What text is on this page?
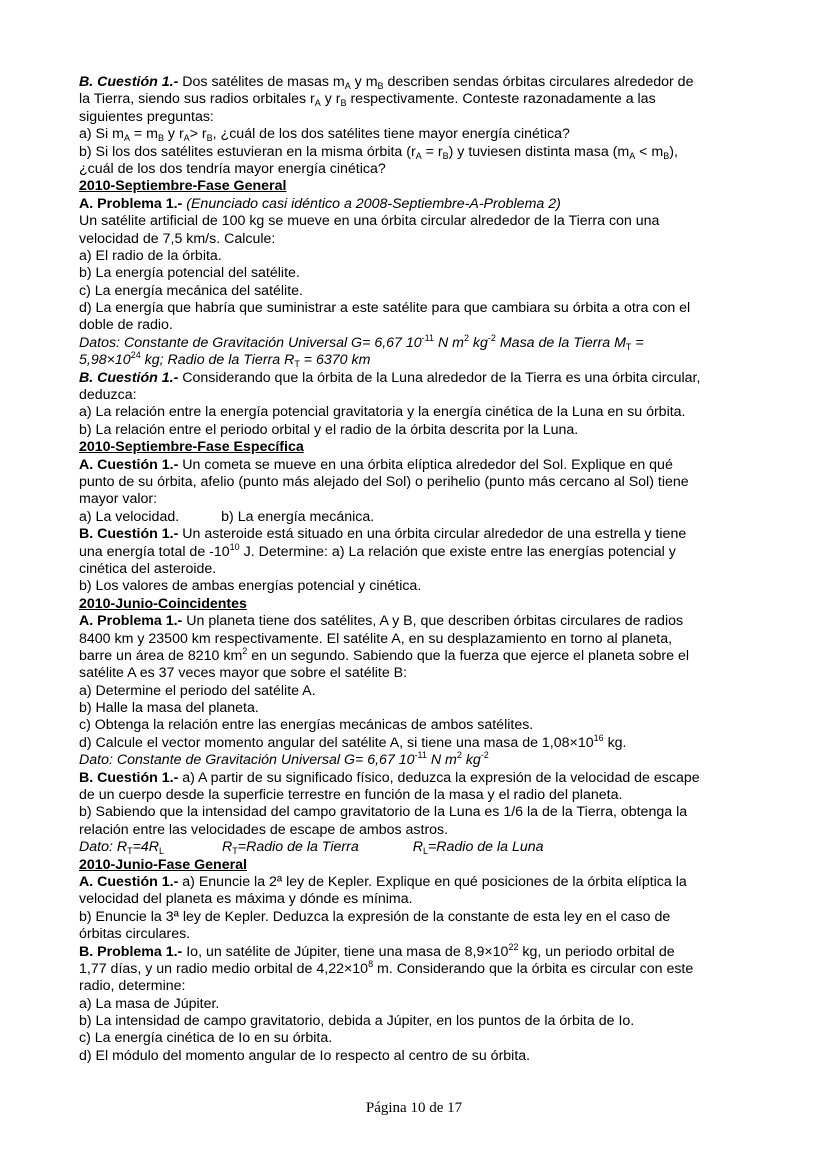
B. Cuestión 1.- Dos satélites de masas $m_A$ y $m_B$ describen sendas órbitas circulares alrededor de
la Tierra, siendo sus radios orbitales $r_A$ y $r_B$ respectivamente. Conteste razonadamente a las
siguientes preguntas:
a) Si $m_A = m_B$ y $r_A> r_B$, ¿cuál de los dos satélites tiene mayor energía cinética?
b) Si los dos satélites estuvieran en la misma órbita $(r_A = r_B)$ y tuviesen distinta masa $(m_A < m_B)$,
¿cuál de los dos tendría mayor energía cinética?
2010-Septiembre-Fase General
A. Problema 1.- (Enunciado casi idéntico a 2008-Septiembre-A-Problema 2)
Un satélite artificial de 100 kg se mueve en una órbita circular alrededor de la Tierra con una
velocidad de 7,5 km/s. Calcule:
a) El radio de la órbita.
b) La energía potencial del satélite.
c) La energía mecánica del satélite.
d) La energía que habría que suministrar a este satélite para que cambiara su órbita a otra con el
doble de radio.
Datos: Constante de Gravitación Universal G= 6,67 $10^{-11}$ N $m^2$ $kg^{-2}$ Masa de la Tierra $M_T$ =
$5,98\times 10^{24}$ kg; Radio de la Tierra $R_T = 6370$ km
B. Cuestión 1.- Considerando que la órbita de la Luna alrededor de la Tierra es una órbita circular,
deduzca:
a) La relación entre la energía potencial gravitatoria y la energía cinética de la Luna en su órbita.
b) La relación entre el periodo orbital y el radio de la órbita descrita por la Luna.
2010-Septiembre-Fase Específica
A. Cuestión 1.- Un cometa se mueve en una órbita elíptica alrededor del Sol. Explique en qué
punto de su órbita, afelio (punto más alejado del Sol) o perihelio (punto más cercano al Sol) tiene
mayor valor:
a) La velocidad.	b) La energía mecánica.
B. Cuestión 1.- Un asteroide está situado en una órbita circular alrededor de una estrella y tiene
una energía total de $-10^{10}$ J. Determine: a) La relación que existe entre las energías potencial y
cinética del asteroide.
b) Los valores de ambas energías potencial y cinética.
2010-Junio-Coincidentes
A. Problema 1.- Un planeta tiene dos satélites, A y B, que describen órbitas circulares de radios
8400 km y 23500 km respectivamente. El satélite A, en su desplazamiento en torno al planeta,
barre un área de 8210 $km^2$ en un segundo. Sabiendo que la fuerza que ejerce el planeta sobre el
satélite A es 37 veces mayor que sobre el satélite B:
a) Determine el periodo del satélite A.
b) Halle la masa del planeta.
c) Obtenga la relación entre las energías mecánicas de ambos satélites.
d) Calcule el vector momento angular del satélite A, si tiene una masa de $1,08\times 10^{16}$ kg.
Dato: Constante de Gravitación Universal G= 6,67 $10^{-11}$ N $m^2$ $kg^{-2}$
B. Cuestión 1.- a) A partir de su significado físico, deduzca la expresión de la velocidad de escape
de un cuerpo desde la superficie terrestre en función de la masa y el radio del planeta.
b) Sabiendo que la intensidad del campo gravitatorio de la Luna es 1/6 la de la Tierra, obtenga la
relación entre las velocidades de escape de ambos astros.
Dato: $R_T=4R_L$	$R_T=Radio$ de la Tierra	$R_L=Radio$ de la Luna
2010-Junio-Fase General
A. Cuestión 1.- a) Enuncie la 2ª ley de Kepler. Explique en qué posiciones de la órbita elíptica la
velocidad del planeta es máxima y dónde es mínima.
b) Enuncie la 3ª ley de Kepler. Deduzca la expresión de la constante de esta ley en el caso de
órbitas circulares.
B. Problema 1.- Io, un satélite de Júpiter, tiene una masa de $8,9\times 10^{22}$ kg, un periodo orbital de
1,77 días, y un radio medio orbital de $4,22\times 10^8$ m. Considerando que la órbita es circular con este
radio, determine:
a) La masa de Júpiter.
b) La intensidad de campo gravitatorio, debida a Júpiter, en los puntos de la órbita de Io.
c) La energía cinética de Io en su órbita.
d) El módulo del momento angular de Io respecto al centro de su órbita.
Página 10 de 17
